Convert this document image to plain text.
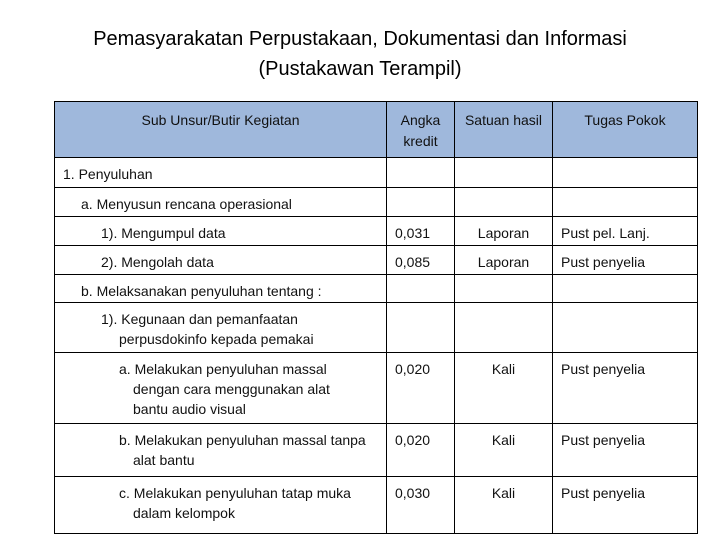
Pemasyarakatan Perpustakaan, Dokumentasi dan Informasi
(Pustakawan Terampil)
Sub Unsur/Butir Kegiatan	Angka kredit	Satuan hasil	Tugas Pokok
1. Penyuluhan			
a. Menyusun rencana operasional			
1). Mengumpul data	0,031	Laporan	Pust pel. Lanj.
2). Mengolah data	0,085	Laporan	Pust penyelia
b. Melaksanakan penyuluhan tentang :			

1). Kegunaan dan pemanfaatan perpusdokinfo kepada pemakai			

a. Melakukan penyuluhan massal dengan cara menggunakan alat bantu audio visual	0,020	Kali	Pust penyelia

b. Melakukan penyuluhan massal tanpa alat bantu	0,020	Kali	Pust penyelia

c. Melakukan penyuluhan tatap muka dalam kelompok	0,030	Kali	Pust penyelia
